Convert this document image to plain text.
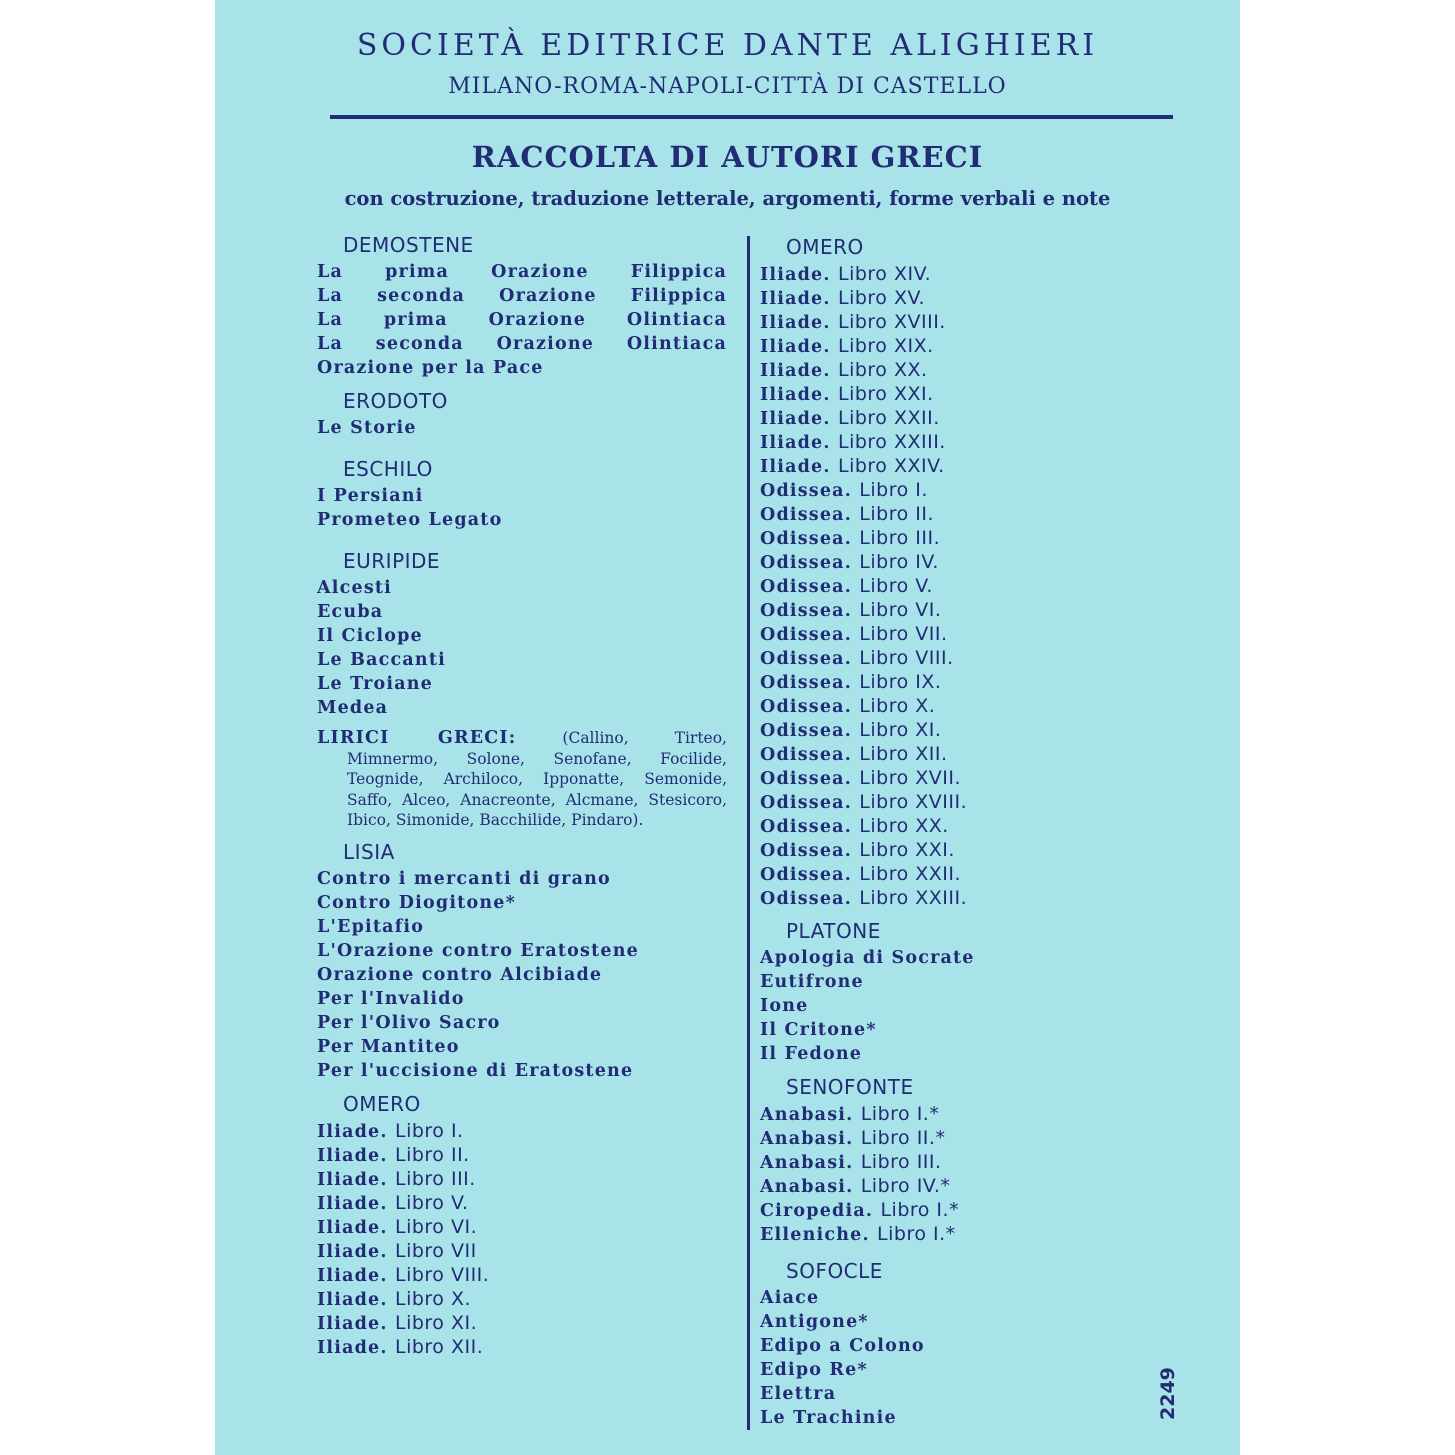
SOCIETÀ EDITRICE DANTE ALIGHIERI
MILANO-ROMA-NAPOLI-CITTÀ DI CASTELLO
RACCOLTA DI AUTORI GRECI
con costruzione, traduzione letterale, argomenti, forme verbali e note
DEMOSTENE
La prima Orazione Filippica
La seconda Orazione Filippica
La prima Orazione Olintiaca
La seconda Orazione Olintiaca
Orazione per la Pace
ERODOTO
Le Storie
ESCHILO
I Persiani
Prometeo Legato
EURIPIDE
Alcesti
Ecuba
Il Ciclope
Le Baccanti
Le Troiane
Medea
LIRICI GRECI:	(Callino, Tirteo,
Mimnermo, Solone, Senofane, Focilide, Teognide, Archiloco, Ipponatte, Semonide, Saffo, Alceo, Anacreonte, Alcmane, Stesicoro, Ibico, Simonide, Bacchilide, Pindaro).
LISIA
Contro i mercanti di grano
Contro Diogitone*
L'Epitafio
L'Orazione contro Eratostene
Orazione contro Alcibiade
Per l'Invalido
Per l'Olivo Sacro
Per Mantiteo
Per l'uccisione di Eratostene
OMERO
Iliade. Libro I.
Iliade. Libro II.
Iliade. Libro III.
Iliade. Libro V.
Iliade. Libro VI.
Iliade. Libro VII
Iliade. Libro VIII.
Iliade. Libro X.
Iliade. Libro XI.
Iliade. Libro XII.
OMERO
Iliade. Libro XIV.
Iliade. Libro XV.
Iliade. Libro XVIII.
Iliade. Libro XIX.
Iliade. Libro XX.
Iliade. Libro XXI.
Iliade. Libro XXII.
Iliade. Libro XXIII.
Iliade. Libro XXIV.
Odissea. Libro I.
Odissea. Libro II.
Odissea. Libro III.
Odissea. Libro IV.
Odissea. Libro V.
Odissea. Libro VI.
Odissea. Libro VII.
Odissea. Libro VIII.
Odissea. Libro IX.
Odissea. Libro X.
Odissea. Libro XI.
Odissea. Libro XII.
Odissea. Libro XVII.
Odissea. Libro XVIII.
Odissea. Libro XX.
Odissea. Libro XXI.
Odissea. Libro XXII.
Odissea. Libro XXIII.
PLATONE
Apologia di Socrate
Eutifrone
Ione
Il Critone*
Il Fedone
SENOFONTE
Anabasi. Libro I.*
Anabasi. Libro II.*
Anabasi. Libro III.
Anabasi. Libro IV.*
Ciropedia. Libro I.*
Elleniche. Libro I.*
SOFOCLE
Aiace
Antigone*
Edipo a Colono
Edipo Re*
Elettra
Le Trachinie	2249
